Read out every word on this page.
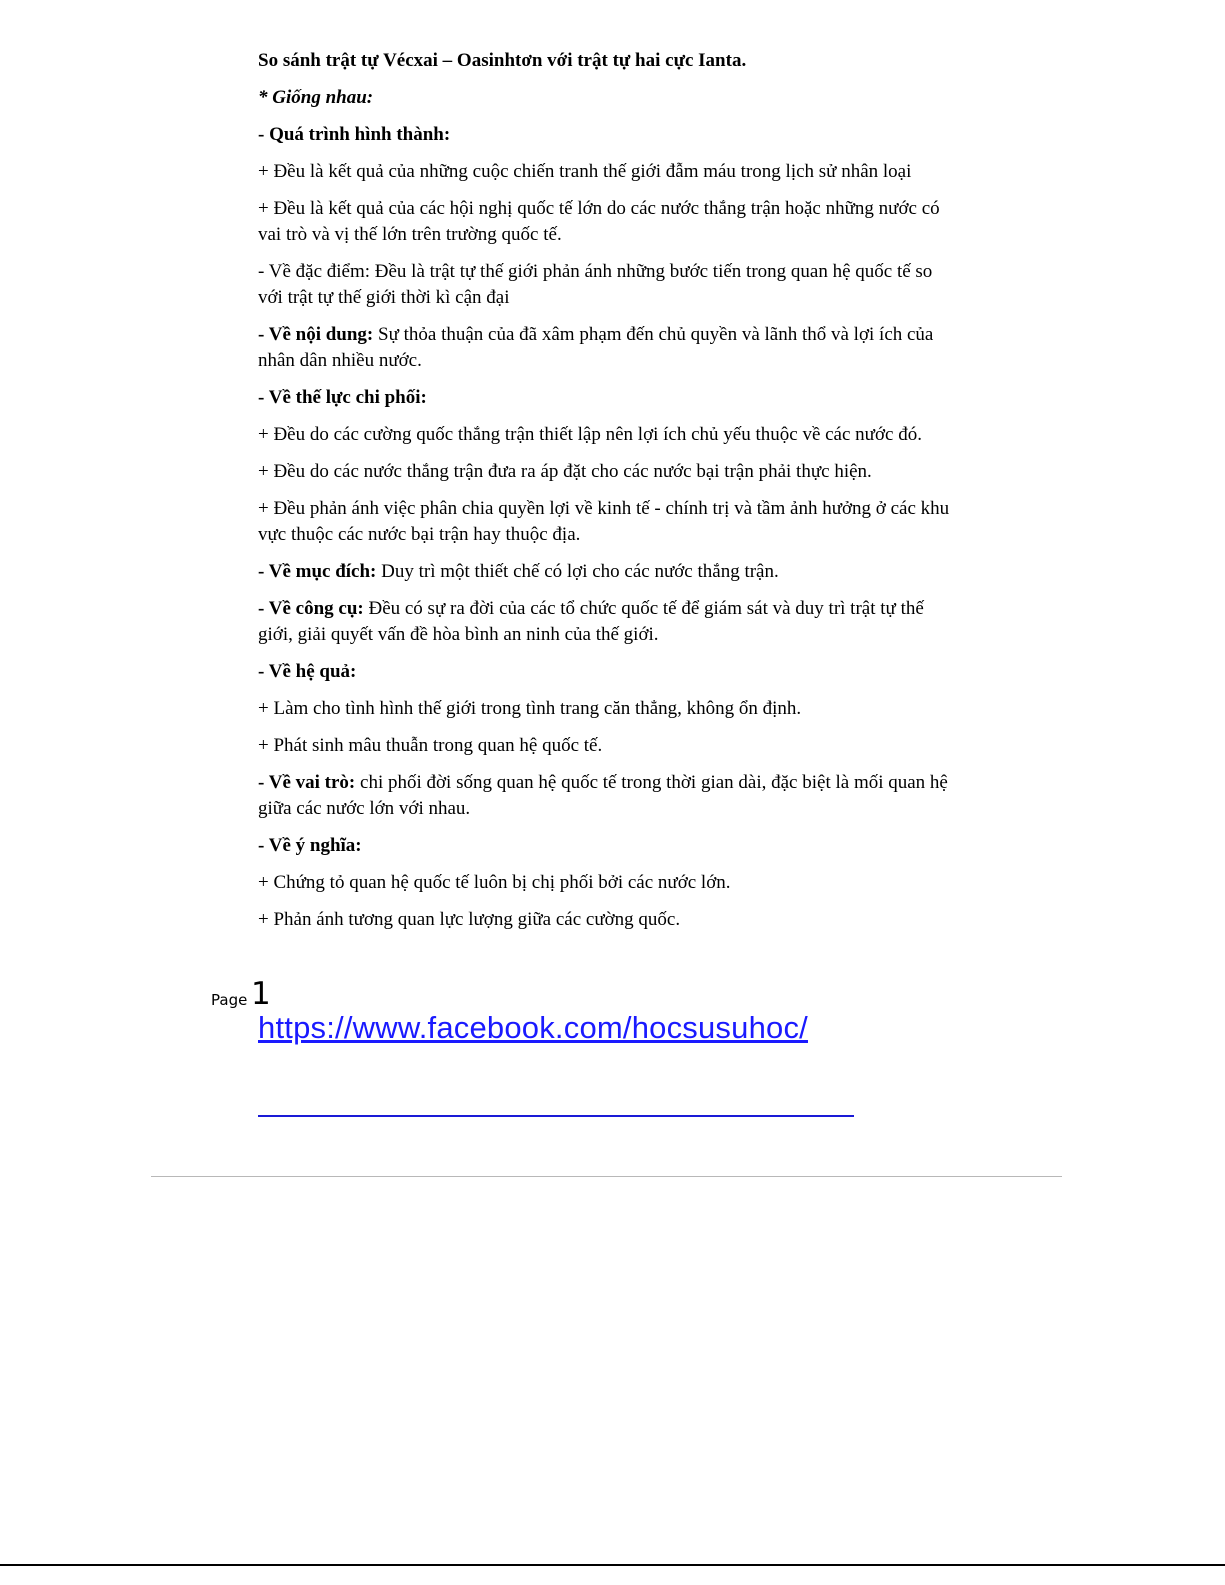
So sánh trật tự Vécxai – Oasinhtơn với trật tự hai cực Ianta.

* Giống nhau:

- Quá trình hình thành:

+ Đều là kết quả của những cuộc chiến tranh thế giới đẫm máu trong lịch sử nhân loại

+ Đều là kết quả của các hội nghị quốc tế lớn do các nước thắng trận hoặc những nước có vai trò và vị thế lớn trên trường quốc tế.

- Về đặc điểm: Đều là trật tự thế giới phản ánh những bước tiến trong quan hệ quốc tế so với trật tự thế giới thời kì cận đại

- Về nội dung: Sự thỏa thuận của đã xâm phạm đến chủ quyền và lãnh thổ và lợi ích của nhân dân nhiều nước.

- Về thế lực chi phối:

+ Đều do các cường quốc thắng trận thiết lập nên lợi ích chủ yếu thuộc về các nước đó.

+ Đều do các nước thắng trận đưa ra áp đặt cho các nước bại trận phải thực hiện.

+ Đều phản ánh việc phân chia quyền lợi về kinh tế - chính trị và tầm ảnh hưởng ở các khu vực thuộc các nước bại trận hay thuộc địa.

- Về mục đích: Duy trì một thiết chế có lợi cho các nước thắng trận.

- Về công cụ: Đều có sự ra đời của các tổ chức quốc tế để giám sát và duy trì trật tự thế giới, giải quyết vấn đề hòa bình an ninh của thế giới.

- Về hệ quả:

+ Làm cho tình hình thế giới trong tình trang căn thẳng, không ổn định.

+ Phát sinh mâu thuẫn trong quan hệ quốc tế.

- Về vai trò: chi phối đời sống quan hệ quốc tế trong thời gian dài, đặc biệt là mối quan hệ giữa các nước lớn với nhau.

- Về ý nghĩa:

+ Chứng tỏ quan hệ quốc tế luôn bị chị phối bởi các nước lớn.

+ Phản ánh tương quan lực lượng giữa các cường quốc.

Page 1
https://www.facebook.com/hocsusuhoc/
